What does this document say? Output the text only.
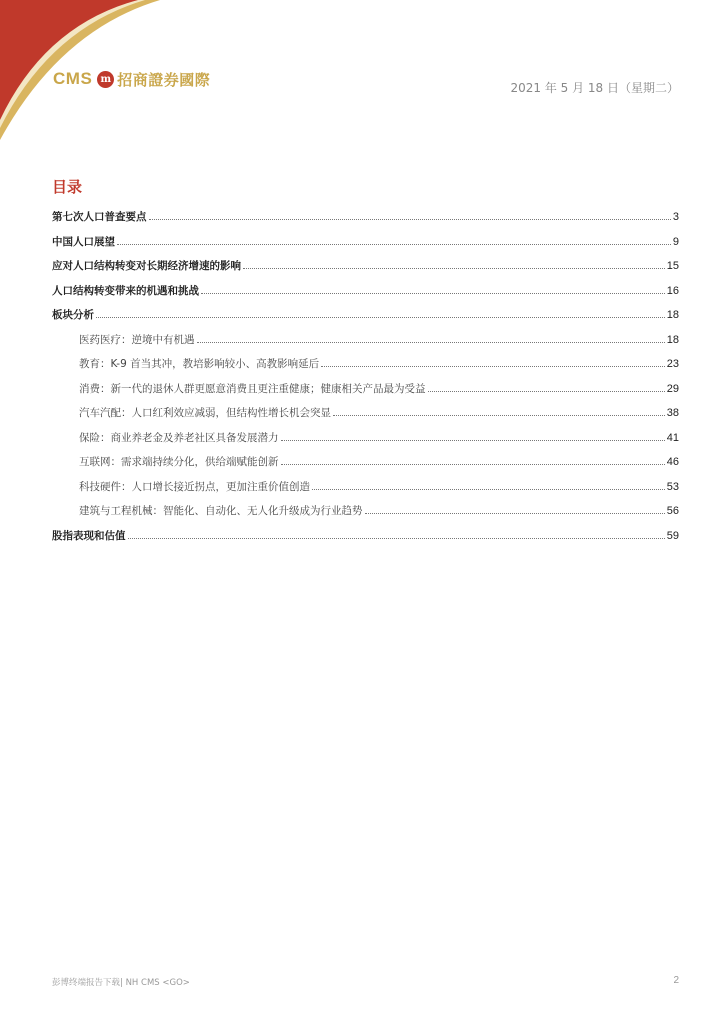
CMS m 招商證券國際	2021 年 5 月 18 日（星期二）
目录
第七次人口普查要点	3
中国人口展望	9
应对人口结构转变对长期经济增速的影响	15
人口结构转变带来的机遇和挑战	16
板块分析	18
医药医疗：逆境中有机遇	18
教育：K-9 首当其冲，教培影响较小、高教影响延后	23
消费：新一代的退休人群更愿意消费且更注重健康；健康相关产品最为受益	29
汽车汽配：人口红利效应减弱，但结构性增长机会突显	38
保险：商业养老金及养老社区具备发展潜力	41
互联网：需求端持续分化，供给端赋能创新	46
科技硬件：人口增长接近拐点，更加注重价值创造	53
建筑与工程机械：智能化、自动化、无人化升级成为行业趋势	56
股指表现和估值	59
彭博终端报告下载| NH CMS <GO>	2
